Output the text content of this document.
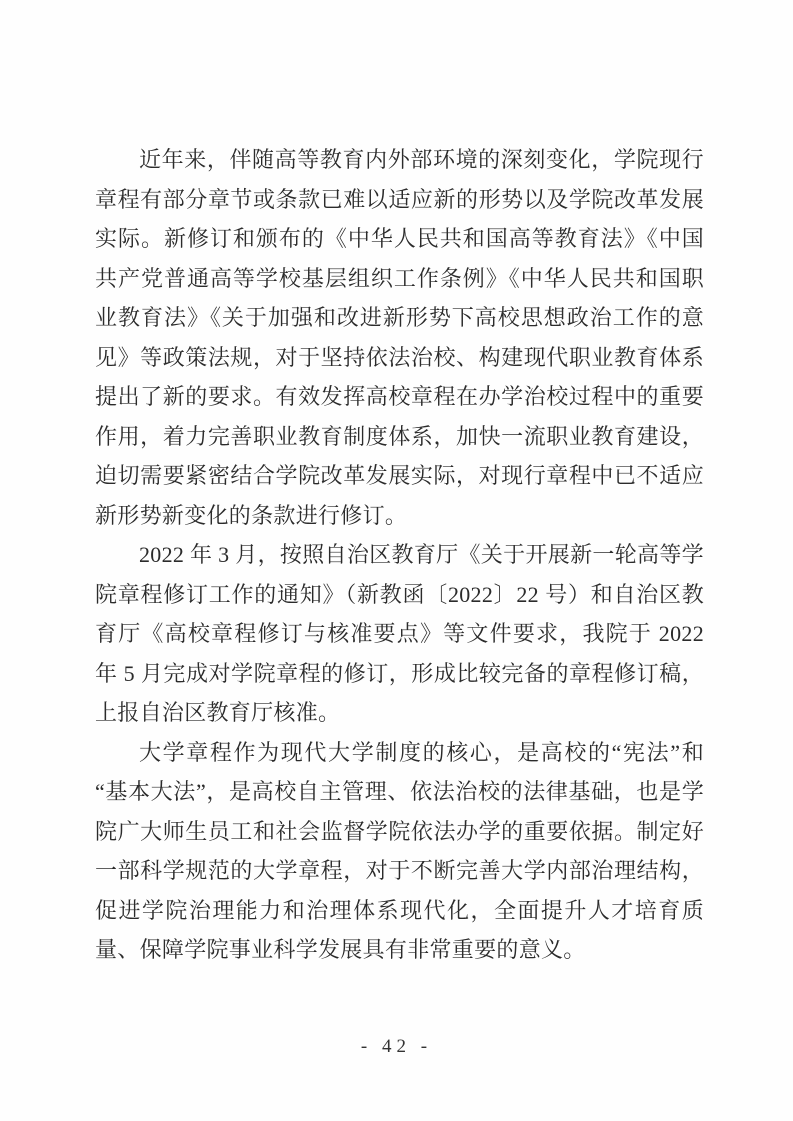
近年来，伴随高等教育内外部环境的深刻变化，学院现行章程有部分章节或条款已难以适应新的形势以及学院改革发展实际。新修订和颁布的《中华人民共和国高等教育法》《中国共产党普通高等学校基层组织工作条例》《中华人民共和国职业教育法》《关于加强和改进新形势下高校思想政治工作的意见》等政策法规，对于坚持依法治校、构建现代职业教育体系提出了新的要求。有效发挥高校章程在办学治校过程中的重要作用，着力完善职业教育制度体系，加快一流职业教育建设，迫切需要紧密结合学院改革发展实际，对现行章程中已不适应新形势新变化的条款进行修订。

2022 年 3 月，按照自治区教育厅《关于开展新一轮高等学院章程修订工作的通知》（新教函〔2022〕22 号）和自治区教育厅《高校章程修订与核准要点》等文件要求，我院于 2022 年 5 月完成对学院章程的修订，形成比较完备的章程修订稿，上报自治区教育厅核准。

大学章程作为现代大学制度的核心，是高校的“宪法”和“基本大法”，是高校自主管理、依法治校的法律基础，也是学院广大师生员工和社会监督学院依法办学的重要依据。制定好一部科学规范的大学章程，对于不断完善大学内部治理结构，促进学院治理能力和治理体系现代化，全面提升人才培育质量、保障学院事业科学发展具有非常重要的意义。

- 42 -
